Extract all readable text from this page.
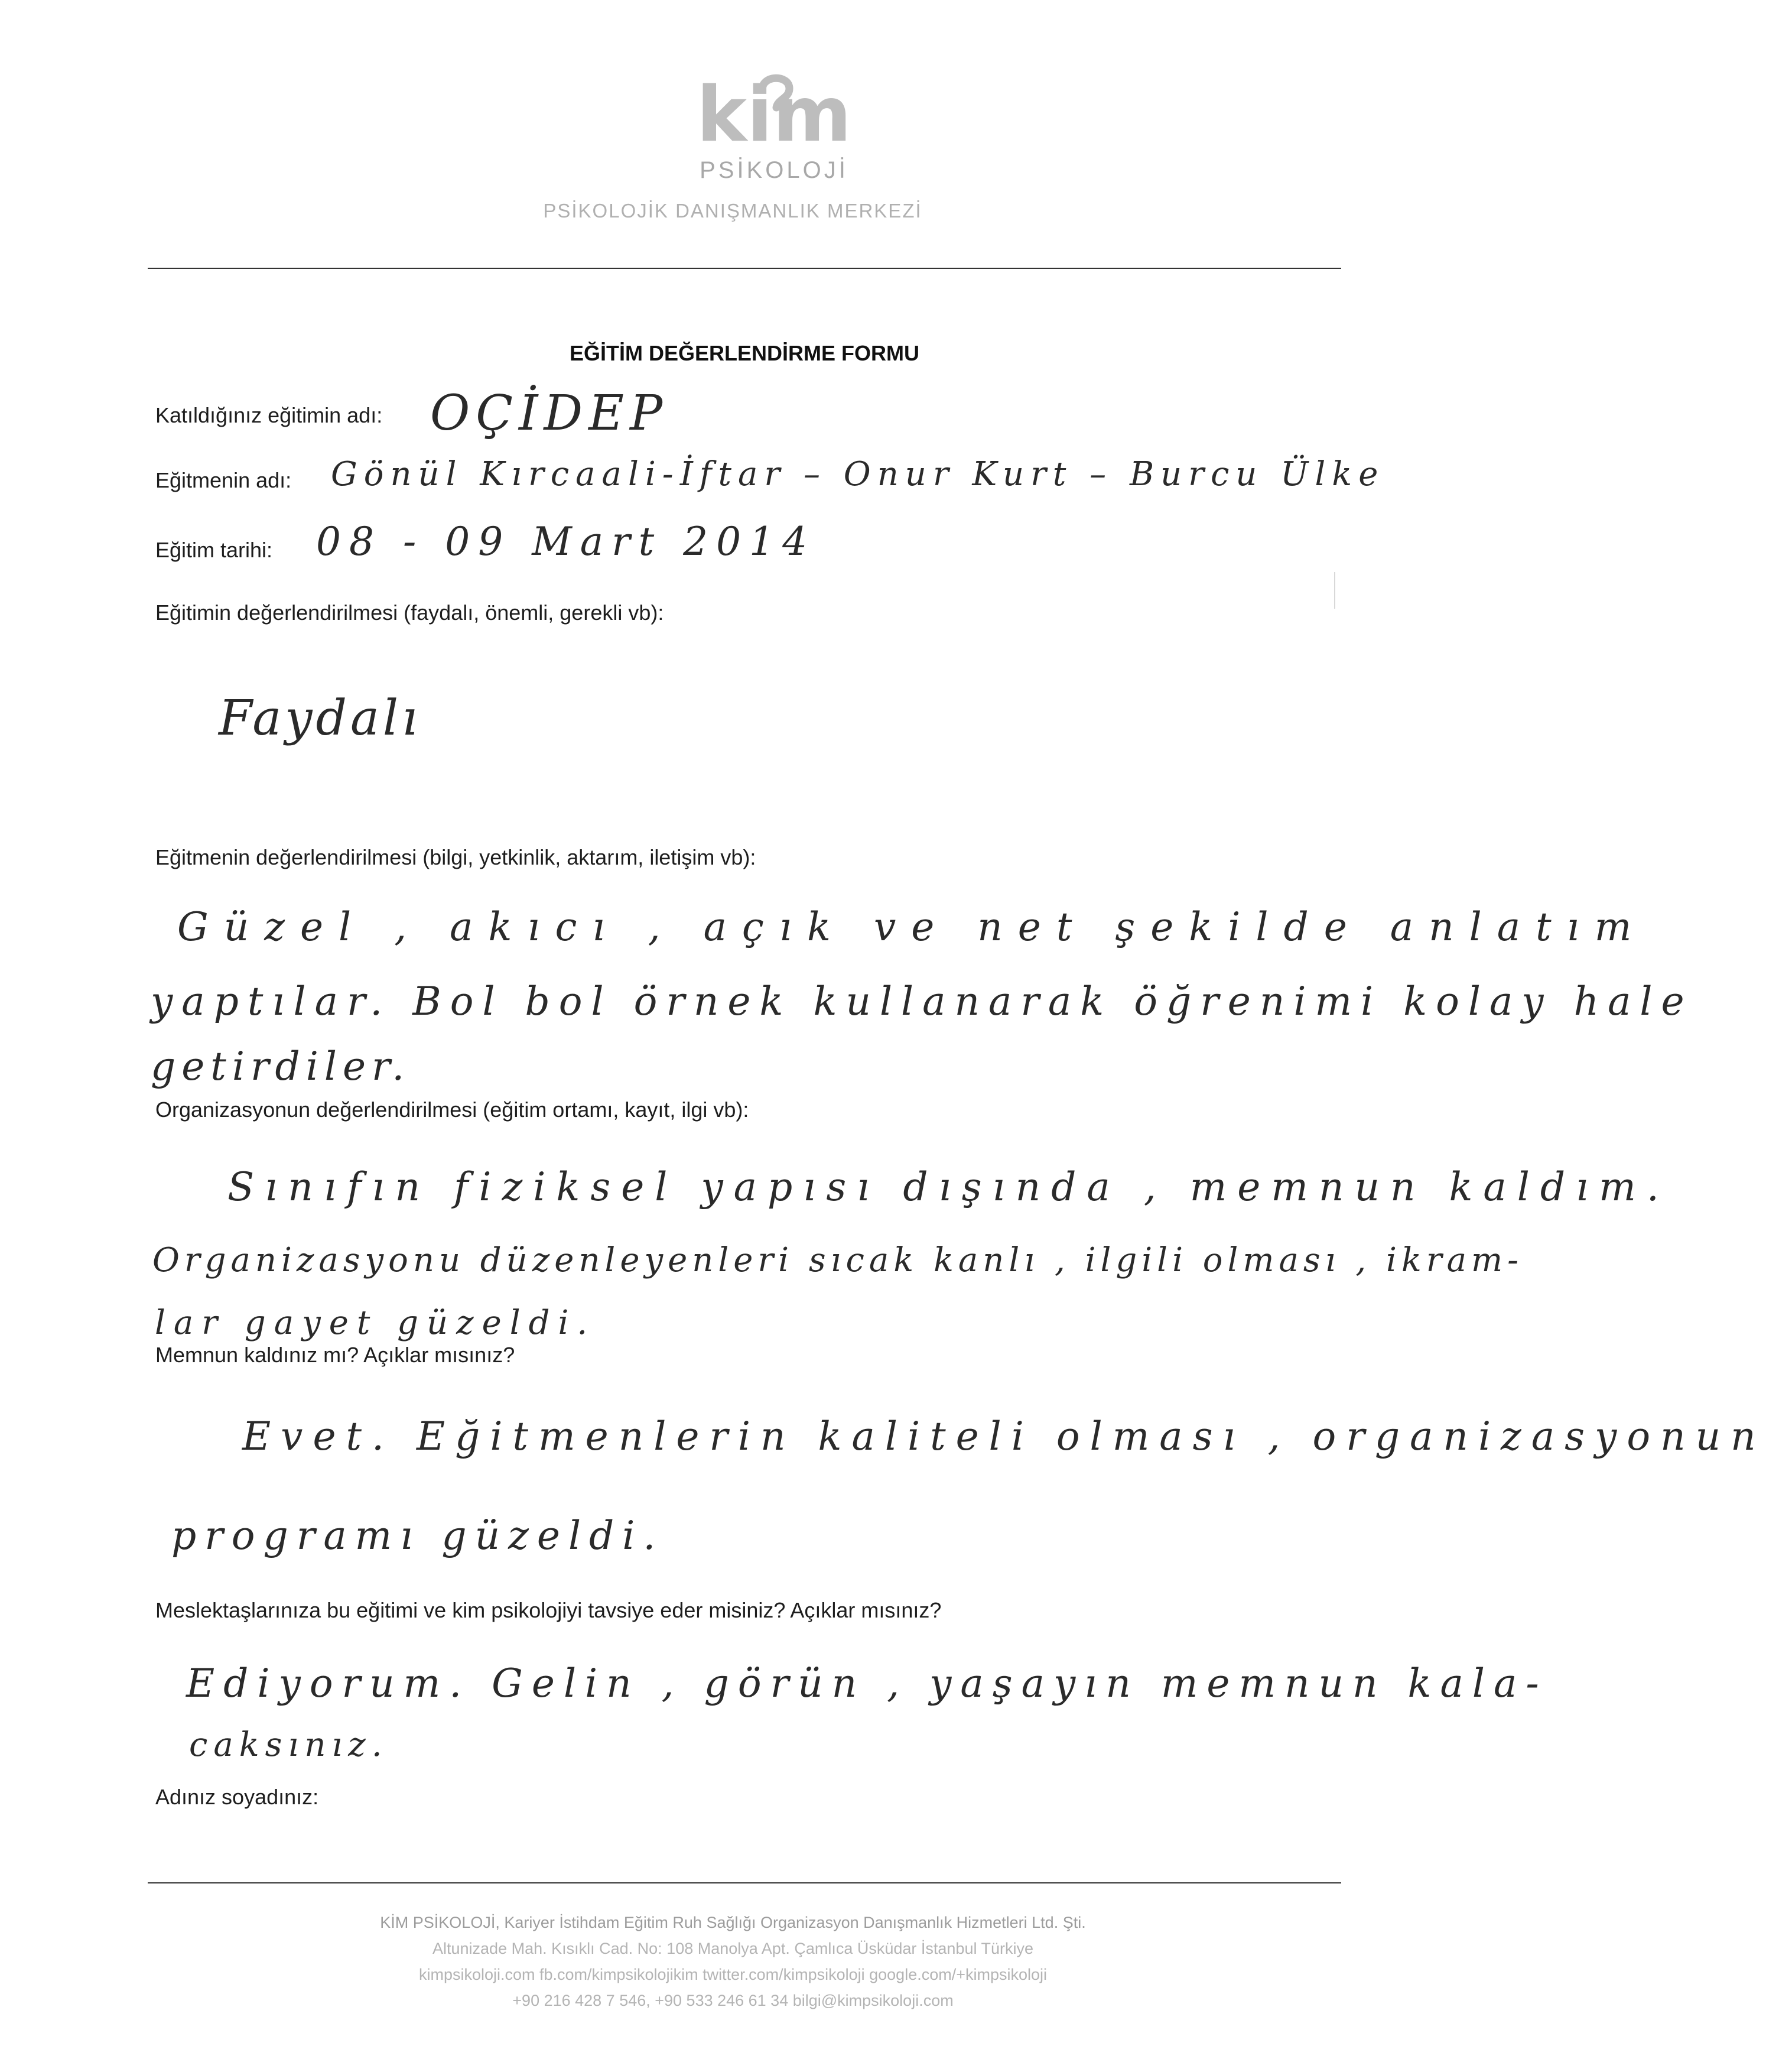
kim
PSİKOLOJİ
PSİKOLOJİK DANIŞMANLIK MERKEZİ
EĞİTİM DEĞERLENDİRME FORMU
Katıldığınız eğitimin adı: OÇİDEP
Eğitmenin adı: Gönül Kırcaali-İftar – Onur Kurt – Burcu Ülke
Eğitim tarihi: 08 - 09 Mart 2014
Eğitimin değerlendirilmesi (faydalı, önemli, gerekli vb):
Faydalı
Eğitmenin değerlendirilmesi (bilgi, yetkinlik, aktarım, iletişim vb):
Güzel , akıcı , açık ve net şekilde anlatım
yaptılar. Bol bol örnek kullanarak öğrenimi kolay hale
getirdiler.
Organizasyonun değerlendirilmesi (eğitim ortamı, kayıt, ilgi vb):
Sınıfın fiziksel yapısı dışında , memnun kaldım.
Organizasyonu düzenleyenleri sıcak kanlı , ilgili olması , ikram-
lar gayet güzeldi.
Memnun kaldınız mı? Açıklar mısınız?
Evet. Eğitmenlerin kaliteli olması , organizasyonun
programı güzeldi.
Meslektaşlarınıza bu eğitimi ve kim psikolojiyi tavsiye eder misiniz? Açıklar mısınız?
Ediyorum. Gelin , görün , yaşayın memnun kala-
caksınız.
Adınız soyadınız:
KİM PSİKOLOJİ, Kariyer İstihdam Eğitim Ruh Sağlığı Organizasyon Danışmanlık Hizmetleri Ltd. Şti.
Altunizade Mah. Kısıklı Cad. No: 108 Manolya Apt. Çamlıca Üsküdar İstanbul Türkiye
kimpsikoloji.com fb.com/kimpsikolojikim twitter.com/kimpsikoloji google.com/+kimpsikoloji
+90 216 428 7 546, +90 533 246 61 34 bilgi@kimpsikoloji.com
